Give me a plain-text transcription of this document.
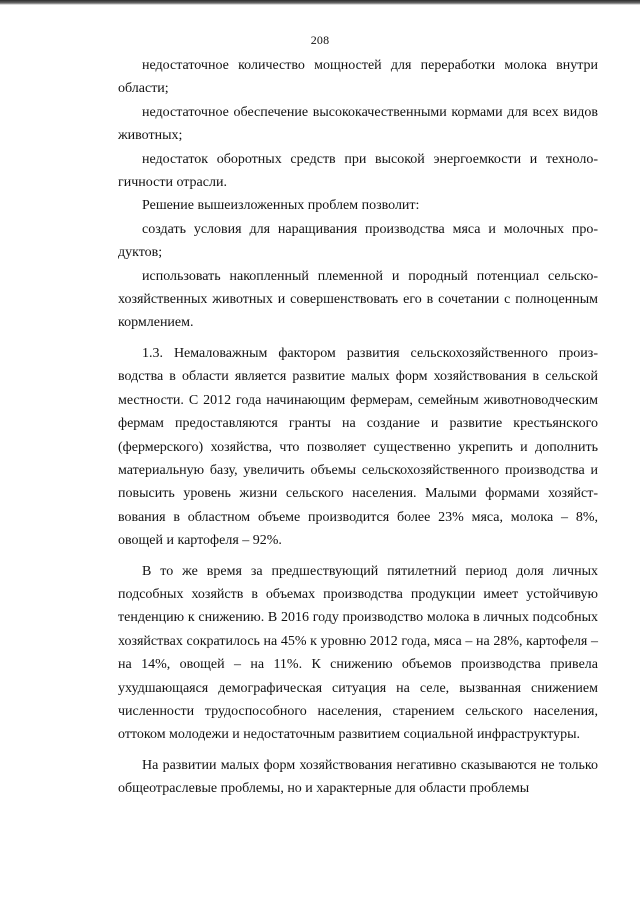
208

недостаточное количество мощностей для переработки молока внутри области;

недостаточное обеспечение высококачественными кормами для всех видов животных;

недостаток оборотных средств при высокой энергоемкости и технологичности отрасли.

Решение вышеизложенных проблем позволит:

создать условия для наращивания производства мяса и молочных продуктов;

использовать накопленный племенной и породный потенциал сельскохозяйственных животных и совершенствовать его в сочетании с полноценным кормлением.

1.3. Немаловажным фактором развития сельскохозяйственного производства в области является развитие малых форм хозяйствования в сельской местности. С 2012 года начинающим фермерам, семейным животноводческим фермам предоставляются гранты на создание и развитие крестьянского (фермерского) хозяйства, что позволяет существенно укрепить и дополнить материальную базу, увеличить объемы сельскохозяйственного производства и повысить уровень жизни сельского населения. Малыми формами хозяйствования в областном объеме производится более 23% мяса, молока – 8%, овощей и картофеля – 92%.

В то же время за предшествующий пятилетний период доля личных подсобных хозяйств в объемах производства продукции имеет устойчивую тенденцию к снижению. В 2016 году производство молока в личных подсобных хозяйствах сократилось на 45% к уровню 2012 года, мяса – на 28%, картофеля – на 14%, овощей – на 11%. К снижению объемов производства привела ухудшающаяся демографическая ситуация на селе, вызванная снижением численности трудоспособного населения, старением сельского населения, оттоком молодежи и недостаточным развитием социальной инфраструктуры.

На развитии малых форм хозяйствования негативно сказываются не только общеотраслевые проблемы, но и характерные для области проблемы
